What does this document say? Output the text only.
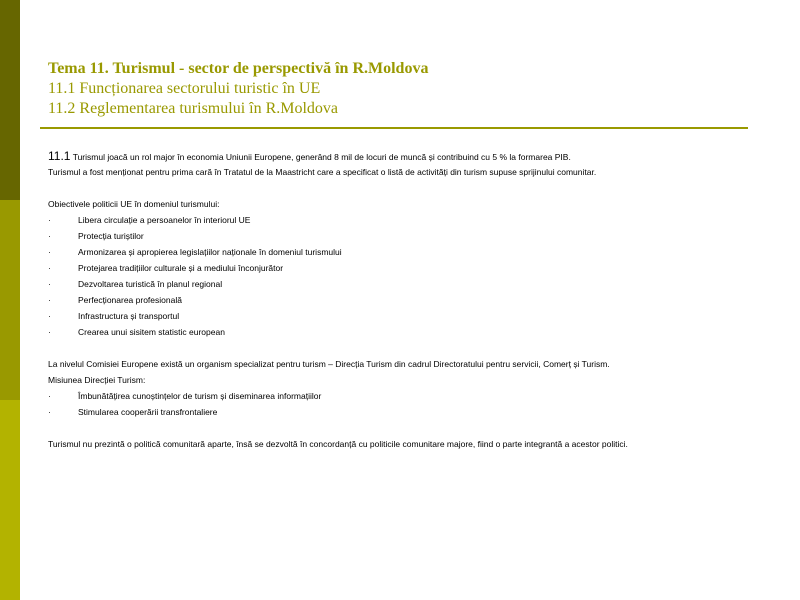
Tema 11. Turismul - sector de perspectivă în R.Moldova
11.1 Funcționarea sectorului turistic în UE
11.2 Reglementarea turismului în R.Moldova
11.1 Turismul joacă un rol major în economia Uniunii Europene, generând 8 mil de locuri de muncă și contribuind cu 5 % la formarea PIB.
Turismul a fost menționat pentru prima cară în Tratatul de la Maastricht care a specificat o listă de activități din turism supuse sprijinului comunitar.
Obiectivele politicii UE în domeniul turismului:
·	Libera circulație a persoanelor în interiorul UE
·	Protecția turiștilor
·	Armonizarea și apropierea legislațiilor naționale în domeniul turismului
·	Protejarea tradițiilor culturale și a mediului înconjurător
·	Dezvoltarea turistică în planul regional
·	Perfecționarea profesională
·	Infrastructura și transportul
·	Crearea unui sisitem statistic european
La nivelul Comisiei Europene există un organism specializat pentru turism – Direcția Turism din cadrul Directoratului pentru servicii, Comerț și Turism.
Misiunea Direcției Turism:
·	Îmbunătățirea cunoștințelor de turism și diseminarea informațiilor
·	Stimularea cooperării transfrontaliere
Turismul nu prezintă o politică comunitară aparte, însă se dezvoltă în concordanță cu politicile comunitare majore, fiind o parte integrantă a acestor politici.
